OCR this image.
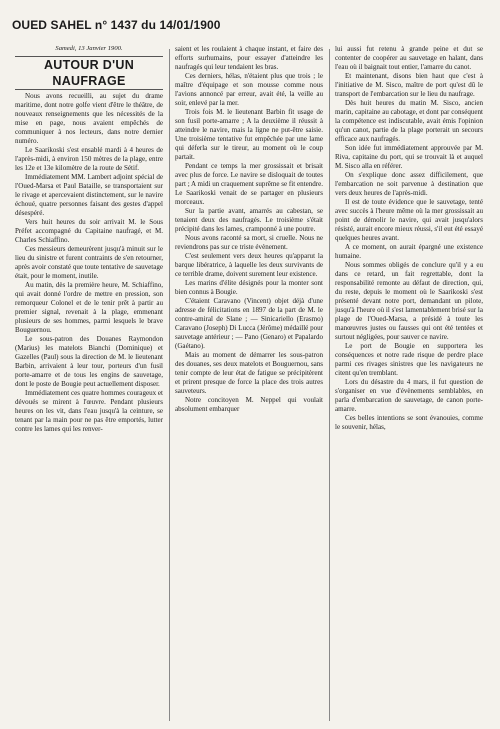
OUED SAHEL n° 1437 du 14/01/1900
Samedi, 13 Janvier 1900.
AUTOUR D'UN NAUFRAGE

Nous avons recueilli, au sujet du drame maritime, dont notre golfe vient d'être le théâtre, de nouveaux renseignements que les nécessités de la mise en page, nous avaient empêchés de communiquer à nos lecteurs, dans notre dernier numéro.

Le Saarikoski s'est ensablé mardi à 4 heures de l'après-midi, à environ 150 mètres de la plage, entre les 12e et 13e kilomètre de la route de Sétif.

Immédiatement MM. Lambert adjoint spécial de l'Oued-Marsa et Paul Bataille, se transportaient sur le rivage et apercevaient distinctement, sur le navire échoué, quatre personnes faisant des gestes d'appel désespéré.

Vers huit heures du soir arrivait M. le Sous Préfet accompagné du Capitaine naufragé, et M. Charles Schiaffino.

Ces messieurs demeurèrent jusqu'à minuit sur le lieu du sinistre et furent contraints de s'en retourner, après avoir constaté que toute tentative de sauvetage était, pour le moment, inutile.

Au matin, dès la première heure, M. Schiaffino, qui avait donné l'ordre de mettre en pression, son remorqueur Colonel et de le tenir prêt à partir au premier signal, revenait à la plage, emmenant plusieurs de ses hommes, parmi lesquels le brave Bouguernou.

Le sous-patron des Douanes Raymondon (Marius) les matelots Bianchi (Dominique) et Gazelles (Paul) sous la direction de M. le lieutenant Barbin, arrivaient à leur tour, porteurs d'un fusil porte-amarre et de tous les engins de sauvetage, dont le poste de Bougie peut actuellement disposer.

Immédiatement ces quatre hommes courageux et dévoués se mirent à l'œuvre. Pendant plusieurs heures on les vit, dans l'eau jusqu'à la ceinture, se tenant par la main pour ne pas être emportés, lutter contre les lames qui les renver-

saient et les roulaient à chaque instant, et faire des efforts surhumains, pour essayer d'atteindre les naufragés qui leur tendaient les bras.

Ces derniers, hélas, n'étaient plus que trois ; le maître d'équipage et son mousse comme nous l'avions annoncé par erreur, avait été, la veille au soir, enlevé par la mer.

Trois fois M. le lieutenant Barbin fit usage de son fusil porte-amarre ; A la deuxième il réussit à atteindre le navire, mais la ligne ne put-être saisie. Une troisième tentative fut empêchée par une lame qui déferla sur le tireur, au moment où le coup partait.

Pendant ce temps la mer grossissait et brisait avec plus de force. Le navire se disloquait de toutes part ; A midi un craquement suprême se fit entendre. Le Saarikoski venait de se partager en plusieurs morceaux.

Sur la partie avant, amarrés au cabestan, se tenaient deux des naufragés. Le troisième s'était précipité dans les lames, cramponné à une poutre.

Nous avons raconté sa mort, si cruelle. Nous ne reviendrons pas sur ce triste évènement.

C'est seulement vers deux heures qu'apparut la barque libératrice, à laquelle les deux survivants de ce terrible drame, doivent surement leur existence.

Les marins d'élite désignés pour la monter sont bien connus à Bougie.

C'étaient Caravano (Vincent) objet déjà d'une adresse de félicitations en 1897 de la part de M. le contre-amiral de Slane ; — Sinicariello (Erasmo) Caravano (Joseph) Di Lucca (Jérôme) médaillé pour sauvetage antérieur ; — Pano (Genaro) et Papalardo (Gaétano).

Mais au moment de démarrer les sous-patron des douanes, ses deux matelots et Bouguernou, sans tenir compte de leur état de fatigue se précipitèrent et prirent presque de force la place des trois autres sauveteurs.

Notre concitoyen M. Neppel qui voulait absolument embarquer

lui aussi fut retenu à grande peine et dut se contenter de coopérer au sauvetage en halant, dans l'eau où il baignait tout entier, l'amarre du canot.

Et maintenant, disons bien haut que c'est à l'initiative de M. Sisco, maître de port qu'est dû le transport de l'embarcation sur le lieu du naufrage.

Dès huit heures du matin M. Sisco, ancien marin, capitaine au cabotage, et dont par conséquent la compétence est indiscutable, avait émis l'opinion qu'un canot, partie de la plage porterait un secours efficace aux naufragés.

Son idée fut immédiatement approuvée par M. Riva, capitaine du port, qui se trouvait là et auquel M. Sisco alla en référer.

On s'explique donc assez difficilement, que l'embarcation ne soit parvenue à destination que vers deux heures de l'après-midi.

Il est de toute évidence que le sauvetage, tenté avec succès à l'heure même où la mer grossissait au point de démolir le navire, qui avait jusqu'alors résisté, aurait encore mieux réussi, s'il eut été essayé quelques heures avant.

A ce moment, on aurait épargné une existence humaine.

Nous sommes obligés de conclure qu'il y a eu dans ce retard, un fait regrettable, dont la responsabilité remonte au défaut de direction, qui, du reste, depuis le moment où le Saarikoski s'est présenté devant notre port, demandant un pilote, jusqu'à l'heure où il s'est lamentablement brisé sur la plage de l'Oued-Marsa, a présidé à toute les manœuvres justes ou fausses qui ont été tentées et surtout négligées, pour sauver ce navire.

Le port de Bougie en supportera les conséquences et notre rade risque de perdre place parmi ces rivages sinistres que les navigateurs ne citent qu'en tremblant.

Lors du désastre du 4 mars, il fut question de s'organiser en vue d'évènements semblables, en parla d'embarcation de sauvetage, de canon porte-amarre.

Ces belles intentions se sont évanouies, comme le souvenir, hélas,
